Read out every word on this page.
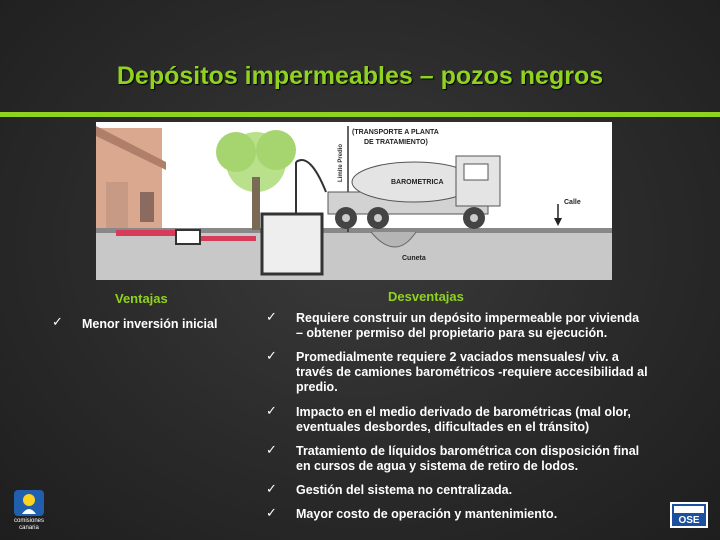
Depósitos impermeables – pozos negros
Limite Predio
BAROMETRICA
(TRANSPORTE A PLANTA
DE TRATAMIENTO)
Cuneta
Calle
Ventajas
✓ Menor inversión inicial
Desventajas
✓ Requiere construir un depósito impermeable por vivienda
– obtener permiso del propietario para su ejecución.
✓ Promedialmente requiere 2 vaciados mensuales/ viv. a
través de camiones barométricos -requiere accesibilidad al
predio.
✓ Impacto en el medio derivado de barométricas (mal olor,
eventuales desbordes, dificultades en el tránsito)
✓ Tratamiento de líquidos barométrica con disposición final
en cursos de agua y sistema de retiro de lodos.
✓ Gestión del sistema no centralizada.
✓ Mayor costo de operación y mantenimiento.
comisiones
canaria
OSE
